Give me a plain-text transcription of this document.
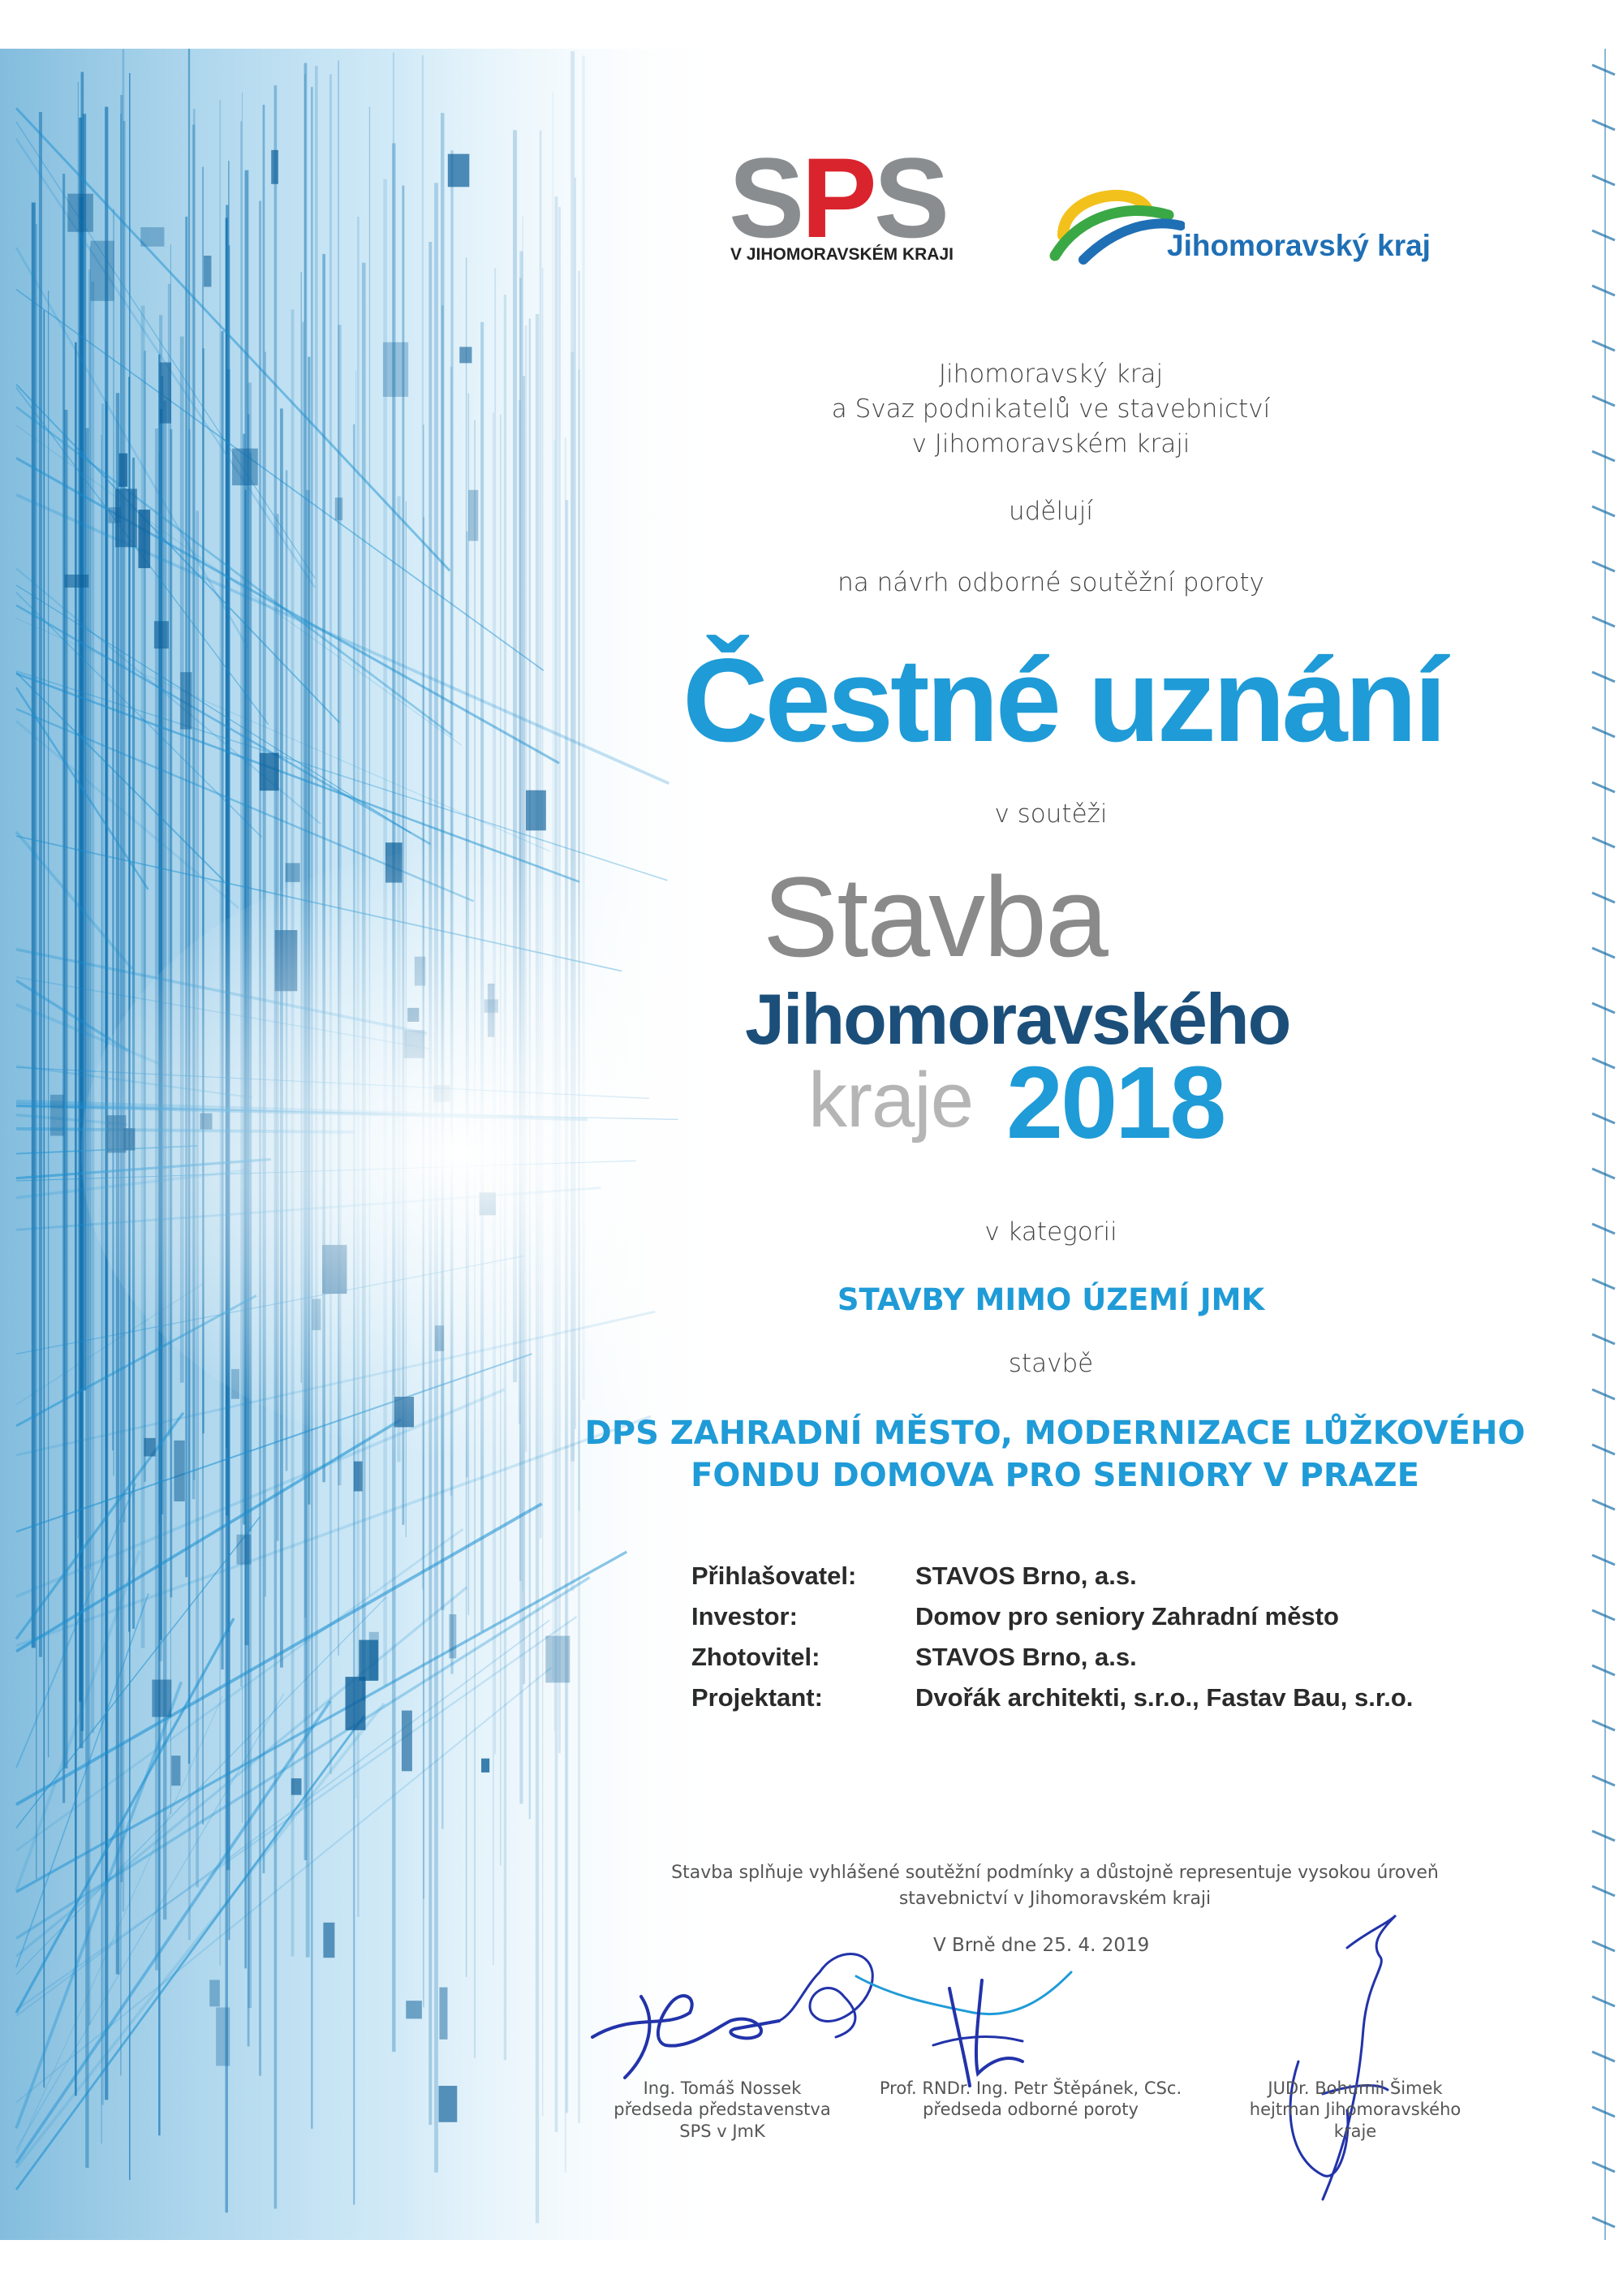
SPS
V JIHOMORAVSKÉM KRAJI	Jihomoravský kraj
Jihomoravský kraj
a Svaz podnikatelů ve stavebnictví
v Jihomoravském kraji
udělují
na návrh odborné soutěžní poroty
Čestné uznání
v soutěži
Stavba
Jihomoravského
kraje 2018
v kategorii
STAVBY MIMO ÚZEMÍ JMK
stavbě
DPS ZAHRADNÍ MĚSTO, MODERNIZACE LŮŽKOVÉHO
FONDU DOMOVA PRO SENIORY V PRAZE
Přihlašovatel: STAVOS Brno, a.s.
Investor:	Domov pro seniory Zahradní město
Zhotovitel:	STAVOS Brno, a.s.
Projektant:	Dvořák architekti, s.r.o., Fastav Bau, s.r.o.
Stavba splňuje vyhlášené soutěžní podmínky a důstojně representuje vysokou úroveň
stavebnictví v Jihomoravském kraji
V Brně dne 25. 4. 2019
Ing. Tomáš Nossek
předseda představenstva
SPS v JmK
Prof. RNDr. Ing. Petr Štěpánek, CSc.
předseda odborné poroty
JUDr. Bohumil Šimek
hejtman Jihomoravského
kraje
